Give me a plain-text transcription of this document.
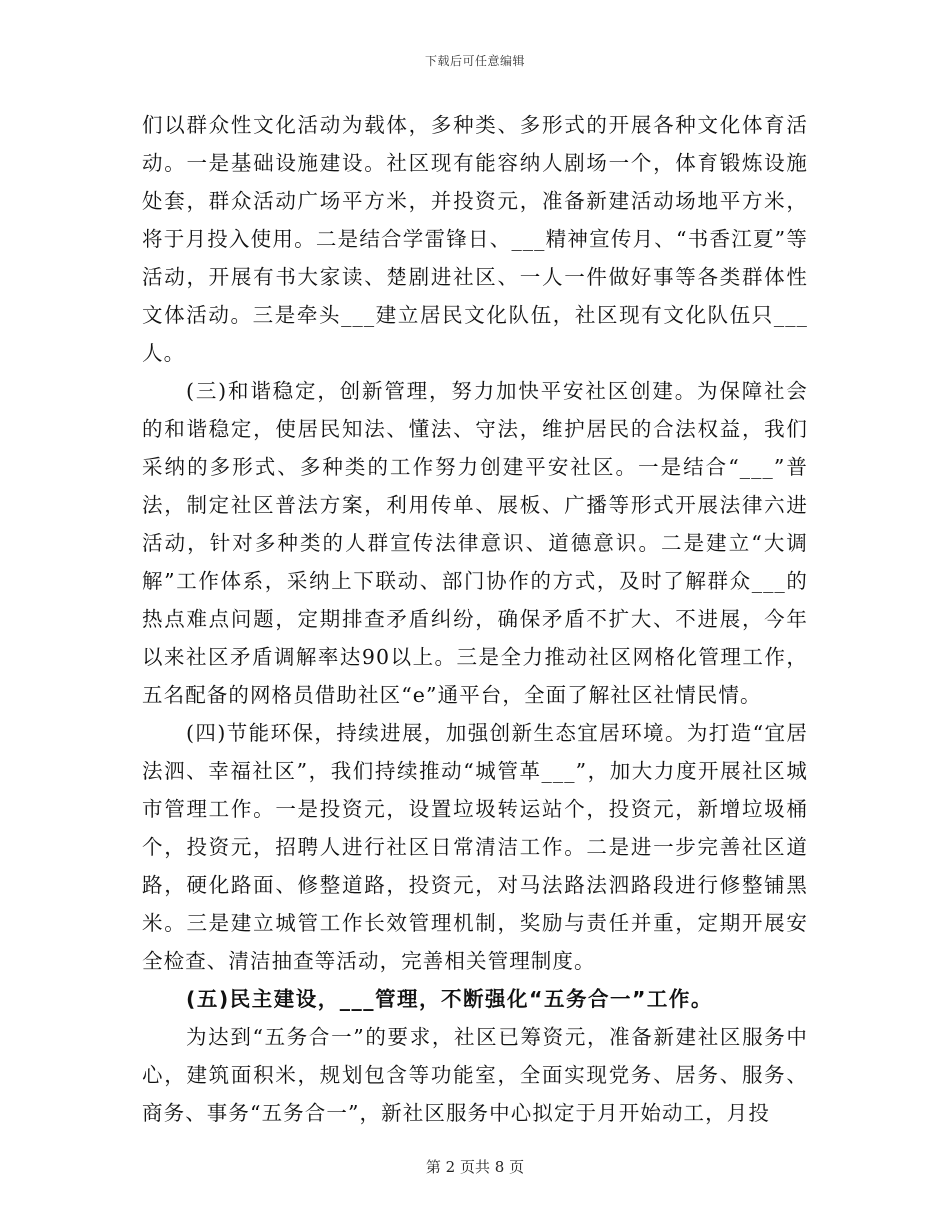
下载后可任意编辑

们以群众性文化活动为载体，多种类、多形式的开展各种文化体育活动。一是基础设施建设。社区现有能容纳人剧场一个，体育锻炼设施处套，群众活动广场平方米，并投资元，准备新建活动场地平方米，将于月投入使用。二是结合学雷锋日、___精神宣传月、“书香江夏”等活动，开展有书大家读、楚剧进社区、一人一件做好事等各类群体性文体活动。三是牵头___建立居民文化队伍，社区现有文化队伍只___人。

(三)和谐稳定，创新管理，努力加快平安社区创建。为保障社会的和谐稳定，使居民知法、懂法、守法，维护居民的合法权益，我们采纳的多形式、多种类的工作努力创建平安社区。一是结合“___”普法，制定社区普法方案，利用传单、展板、广播等形式开展法律六进活动，针对多种类的人群宣传法律意识、道德意识。二是建立“大调解”工作体系，采纳上下联动、部门协作的方式，及时了解群众___的热点难点问题，定期排查矛盾纠纷，确保矛盾不扩大、不进展，今年以来社区矛盾调解率达90以上。三是全力推动社区网格化管理工作，五名配备的网格员借助社区“e”通平台，全面了解社区社情民情。

(四)节能环保，持续进展，加强创新生态宜居环境。为打造“宜居法泗、幸福社区”，我们持续推动“城管革___”，加大力度开展社区城市管理工作。一是投资元，设置垃圾转运站个，投资元，新增垃圾桶个，投资元，招聘人进行社区日常清洁工作。二是进一步完善社区道路，硬化路面、修整道路，投资元，对马法路法泗路段进行修整铺黑米。三是建立城管工作长效管理机制，奖励与责任并重，定期开展安全检查、清洁抽查等活动，完善相关管理制度。

(五)民主建设，___管理，不断强化“五务合一”工作。

为达到“五务合一”的要求，社区已筹资元，准备新建社区服务中心，建筑面积米，规划包含等功能室，全面实现党务、居务、服务、商务、事务“五务合一”，新社区服务中心拟定于月开始动工，月投

第 2 页共 8 页
